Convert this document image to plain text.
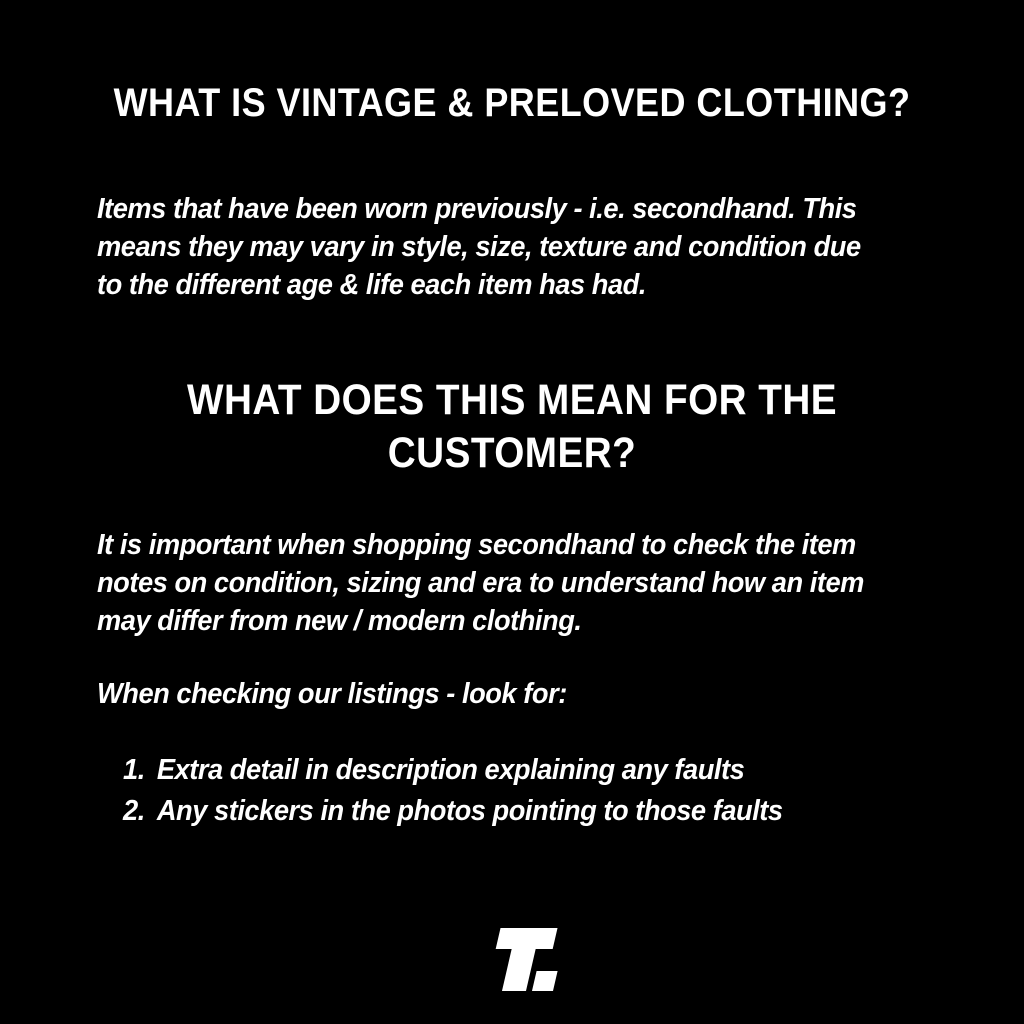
WHAT IS VINTAGE & PRELOVED CLOTHING?
Items that have been worn previously - i.e. secondhand. This
means they may vary in style, size, texture and condition due
to the different age & life each item has had.
WHAT DOES THIS MEAN FOR THE
CUSTOMER?
It is important when shopping secondhand to check the item
notes on condition, sizing and era to understand how an item
may differ from new / modern clothing.
When checking our listings - look for:
1. Extra detail in description explaining any faults
2. Any stickers in the photos pointing to those faults
